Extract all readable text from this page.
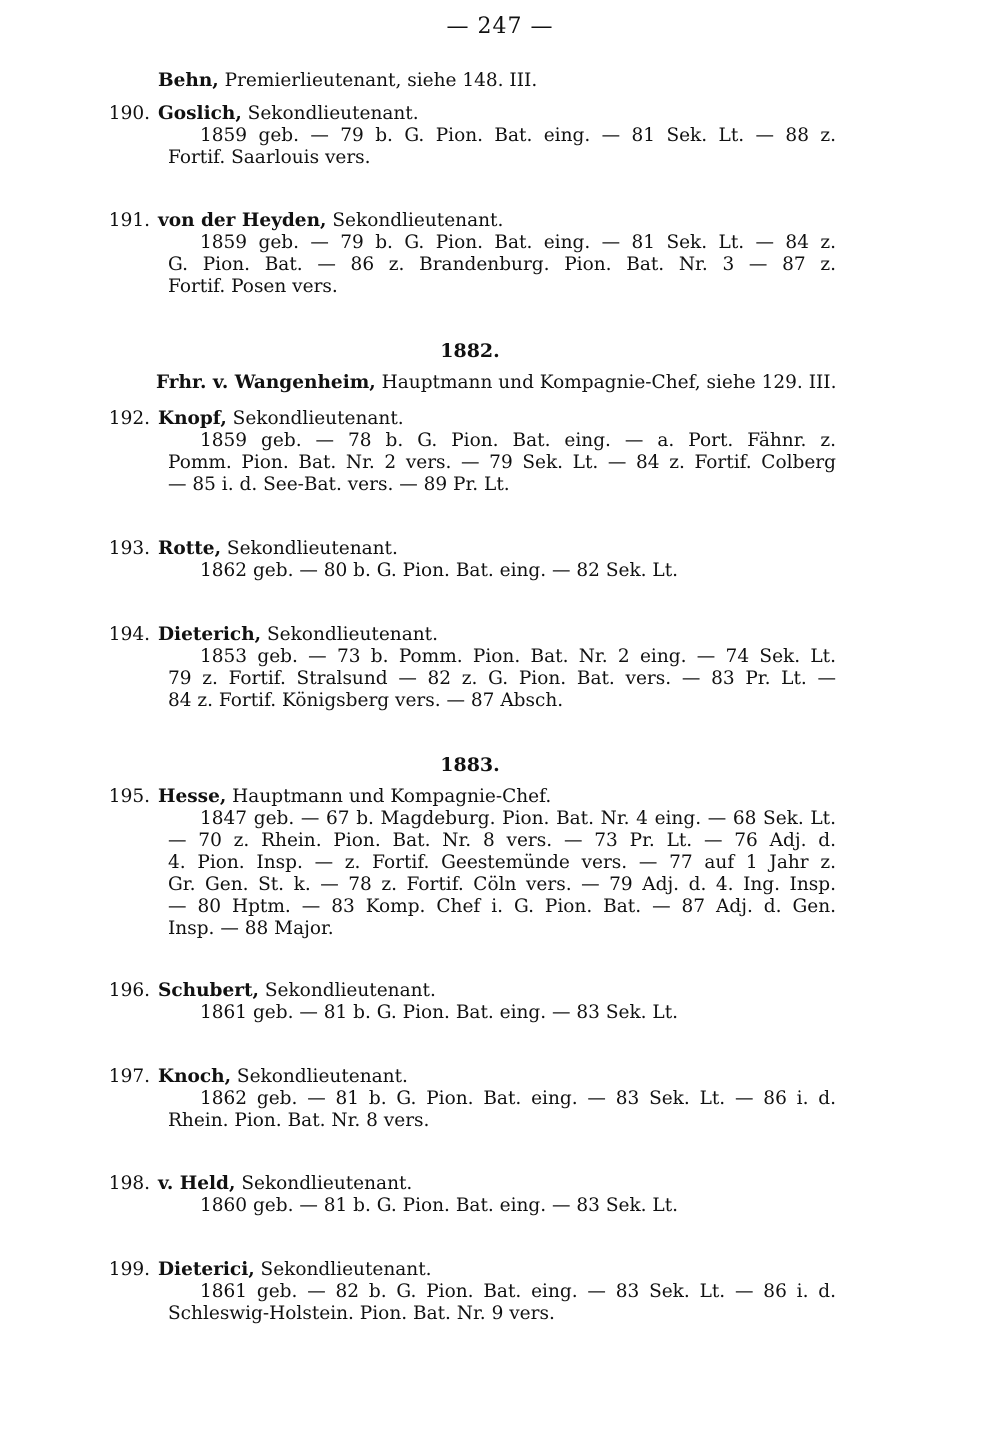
— 247 —
Behn, Premierlieutenant, siehe 148. III.
190. Goslich, Sekondlieutenant.
1859 geb. — 79 b. G. Pion. Bat. eing. — 81 Sek. Lt. — 88 z.
Fortif. Saarlouis vers.
191. von der Heyden, Sekondlieutenant.
1859 geb. — 79 b. G. Pion. Bat. eing. — 81 Sek. Lt. — 84 z.
G. Pion. Bat. — 86 z. Brandenburg. Pion. Bat. Nr. 3 — 87 z.
Fortif. Posen vers.
1882.
Frhr. v. Wangenheim, Hauptmann und Kompagnie-Chef, siehe 129. III.
192. Knopf, Sekondlieutenant.
1859 geb. — 78 b. G. Pion. Bat. eing. — a. Port. Fähnr. z.
Pomm. Pion. Bat. Nr. 2 vers. — 79 Sek. Lt. — 84 z. Fortif. Colberg
— 85 i. d. See-Bat. vers. — 89 Pr. Lt.
193. Rotte, Sekondlieutenant.
1862 geb. — 80 b. G. Pion. Bat. eing. — 82 Sek. Lt.
194. Dieterich, Sekondlieutenant.
1853 geb. — 73 b. Pomm. Pion. Bat. Nr. 2 eing. — 74 Sek. Lt.
79 z. Fortif. Stralsund — 82 z. G. Pion. Bat. vers. — 83 Pr. Lt. —
84 z. Fortif. Königsberg vers. — 87 Absch.
1883.
195. Hesse, Hauptmann und Kompagnie-Chef.
1847 geb. — 67 b. Magdeburg. Pion. Bat. Nr. 4 eing. — 68 Sek. Lt.
— 70 z. Rhein. Pion. Bat. Nr. 8 vers. — 73 Pr. Lt. — 76 Adj. d.
4. Pion. Insp. — z. Fortif. Geestemünde vers. — 77 auf 1 Jahr z.
Gr. Gen. St. k. — 78 z. Fortif. Cöln vers. — 79 Adj. d. 4. Ing. Insp.
— 80 Hptm. — 83 Komp. Chef i. G. Pion. Bat. — 87 Adj. d. Gen.
Insp. — 88 Major.
196. Schubert, Sekondlieutenant.
1861 geb. — 81 b. G. Pion. Bat. eing. — 83 Sek. Lt.
197. Knoch, Sekondlieutenant.
1862 geb. — 81 b. G. Pion. Bat. eing. — 83 Sek. Lt. — 86 i. d.
Rhein. Pion. Bat. Nr. 8 vers.
198. v. Held, Sekondlieutenant.
1860 geb. — 81 b. G. Pion. Bat. eing. — 83 Sek. Lt.
199. Dieterici, Sekondlieutenant.
1861 geb. — 82 b. G. Pion. Bat. eing. — 83 Sek. Lt. — 86 i. d.
Schleswig-Holstein. Pion. Bat. Nr. 9 vers.
